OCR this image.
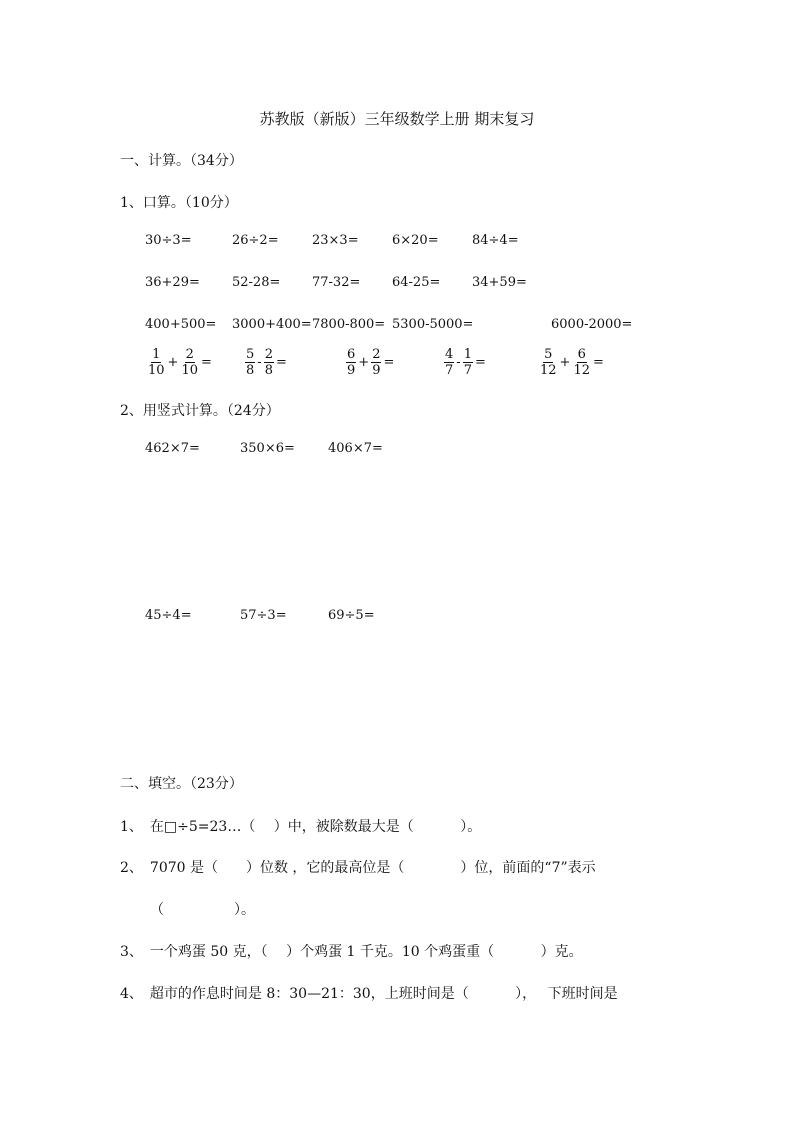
苏教版（新版）三年级数学上册 期末复习
一、计算。（34分）
1、口算。（10分）
30÷3=	26÷2=	23×3=	6×20=	84÷4=
36+29= 52-28= 77-32= 64-25= 34+59=
400+500= 3000+400= 7800-800= 5300-5000=	6000-2000=
$\frac{1}{10} + \frac{2}{10}$ =	$\frac{5}{8} - \frac{2}{8}$ =	$\frac{6}{9} + \frac{2}{9}$ =	$\frac{4}{7} - \frac{1}{7}$ =	$\frac{5}{12} + \frac{6}{12}$ =
2、用竖式计算。（24分）
462×7=	350×6=	406×7=
45÷4=	57÷3=	69÷5=
二、填空。（23分）
1、　在□÷5=23…（　 ）中，被除数最大是（　　　 ）。
2、　7070 是（　　）位数 ，它的最高位是（　　　　）位，前面的“7”表示
（　　　　　）。
3、　一个鸡蛋 50 克，（　 ）个鸡蛋 1 千克。10 个鸡蛋重（　　　 ）克。
4、　超市的作息时间是 8：30—21：30，上班时间是（　　　 ），　 下班时间是
